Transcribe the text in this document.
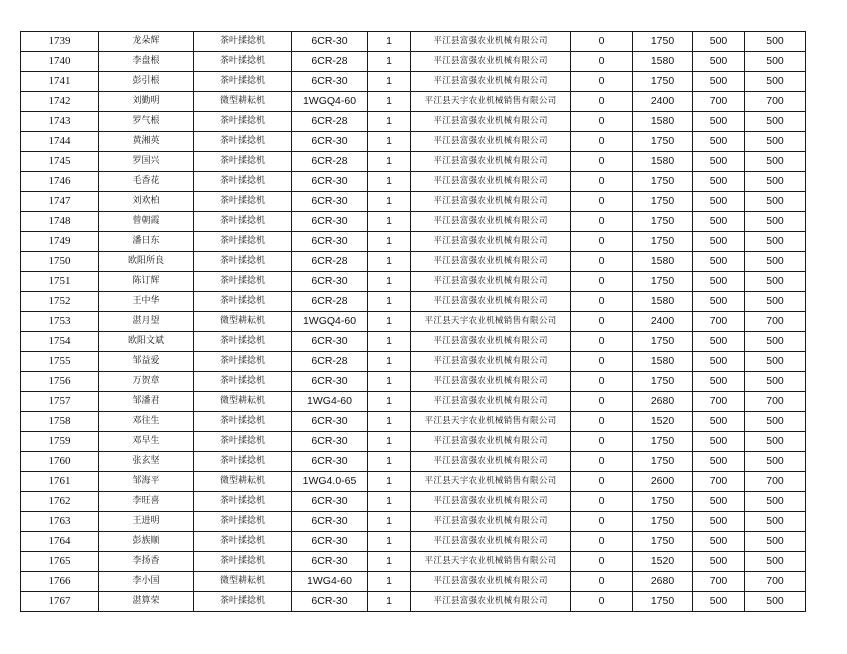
1739	龙朵辉	茶叶揉捻机	6CR-30	1	平江县富强农业机械有限公司	0	1750	500	500
1740	李盘根	茶叶揉捻机	6CR-28	1	平江县富强农业机械有限公司	0	1580	500	500
1741	彭引根	茶叶揉捻机	6CR-30	1	平江县富强农业机械有限公司	0	1750	500	500
1742	刘勤明	微型耕耘机	1WGQ4-60	1	平江县天宇农业机械销售有限公司	0	2400	700	700
1743	罗气根	茶叶揉捻机	6CR-28	1	平江县富强农业机械有限公司	0	1580	500	500
1744	黄湘英	茶叶揉捻机	6CR-30	1	平江县富强农业机械有限公司	0	1750	500	500
1745	罗国兴	茶叶揉捻机	6CR-28	1	平江县富强农业机械有限公司	0	1580	500	500
1746	毛香花	茶叶揉捻机	6CR-30	1	平江县富强农业机械有限公司	0	1750	500	500
1747	刘欢柏	茶叶揉捻机	6CR-30	1	平江县富强农业机械有限公司	0	1750	500	500
1748	曾朝霞	茶叶揉捻机	6CR-30	1	平江县富强农业机械有限公司	0	1750	500	500
1749	潘日东	茶叶揉捻机	6CR-30	1	平江县富强农业机械有限公司	0	1750	500	500
1750	欧阳所良	茶叶揉捻机	6CR-28	1	平江县富强农业机械有限公司	0	1580	500	500
1751	陈订辉	茶叶揉捻机	6CR-30	1	平江县富强农业机械有限公司	0	1750	500	500
1752	王中华	茶叶揉捻机	6CR-28	1	平江县富强农业机械有限公司	0	1580	500	500
1753	湛月望	微型耕耘机	1WGQ4-60	1	平江县天宇农业机械销售有限公司	0	2400	700	700
1754	欧阳文斌	茶叶揉捻机	6CR-30	1	平江县富强农业机械有限公司	0	1750	500	500
1755	邹益爱	茶叶揉捻机	6CR-28	1	平江县富强农业机械有限公司	0	1580	500	500
1756	万贺章	茶叶揉捻机	6CR-30	1	平江县富强农业机械有限公司	0	1750	500	500
1757	邹潘君	微型耕耘机	1WG4-60	1	平江县富强农业机械有限公司	0	2680	700	700
1758	邓往生	茶叶揉捻机	6CR-30	1	平江县天宇农业机械销售有限公司	0	1520	500	500
1759	邓早生	茶叶揉捻机	6CR-30	1	平江县富强农业机械有限公司	0	1750	500	500
1760	张玄坚	茶叶揉捻机	6CR-30	1	平江县富强农业机械有限公司	0	1750	500	500
1761	邹海平	微型耕耘机	1WG4.0-65	1	平江县天宇农业机械销售有限公司	0	2600	700	700
1762	李旺喜	茶叶揉捻机	6CR-30	1	平江县富强农业机械有限公司	0	1750	500	500
1763	王进明	茶叶揉捻机	6CR-30	1	平江县富强农业机械有限公司	0	1750	500	500
1764	彭族顺	茶叶揉捻机	6CR-30	1	平江县富强农业机械有限公司	0	1750	500	500
1765	李扬香	茶叶揉捻机	6CR-30	1	平江县天宇农业机械销售有限公司	0	1520	500	500
1766	李小国	微型耕耘机	1WG4-60	1	平江县富强农业机械有限公司	0	2680	700	700
1767	湛算荣	茶叶揉捻机	6CR-30	1	平江县富强农业机械有限公司	0	1750	500	500
